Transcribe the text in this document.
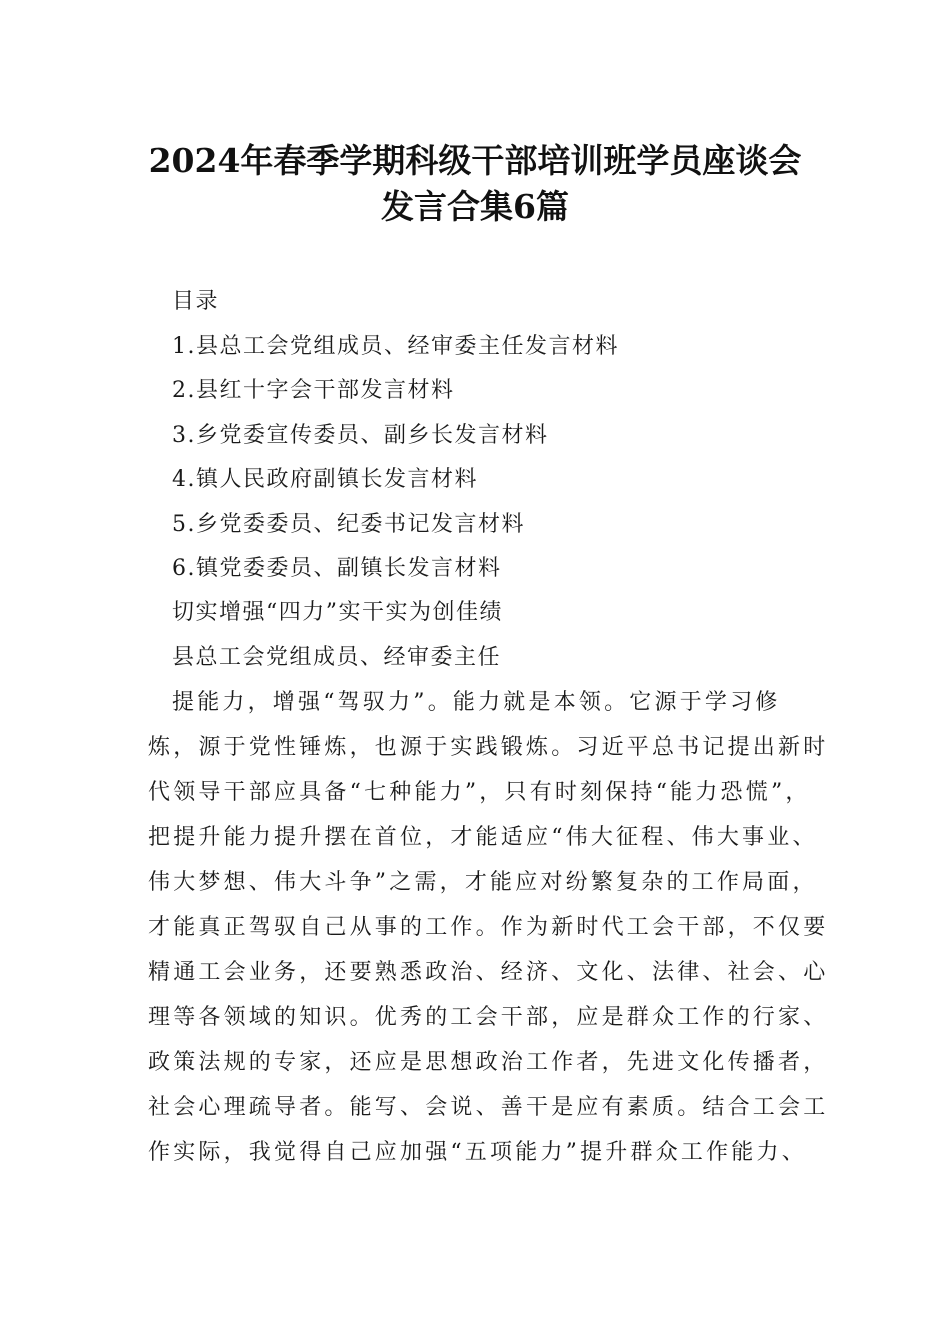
2024年春季学期科级干部培训班学员座谈会
发言合集6篇
目录
1.县总工会党组成员、经审委主任发言材料
2.县红十字会干部发言材料
3.乡党委宣传委员、副乡长发言材料
4.镇人民政府副镇长发言材料
5.乡党委委员、纪委书记发言材料
6.镇党委委员、副镇长发言材料
切实增强“四力”实干实为创佳绩
县总工会党组成员、经审委主任
提能力，增强“驾驭力”。能力就是本领。它源于学习修
炼，源于党性锤炼，也源于实践锻炼。习近平总书记提出新时
代领导干部应具备“七种能力”，只有时刻保持“能力恐慌”，
把提升能力提升摆在首位，才能适应“伟大征程、伟大事业、
伟大梦想、伟大斗争”之需，才能应对纷繁复杂的工作局面，
才能真正驾驭自己从事的工作。作为新时代工会干部，不仅要
精通工会业务，还要熟悉政治、经济、文化、法律、社会、心
理等各领域的知识。优秀的工会干部，应是群众工作的行家、
政策法规的专家，还应是思想政治工作者，先进文化传播者，
社会心理疏导者。能写、会说、善干是应有素质。结合工会工
作实际，我觉得自己应加强“五项能力”提升群众工作能力、
